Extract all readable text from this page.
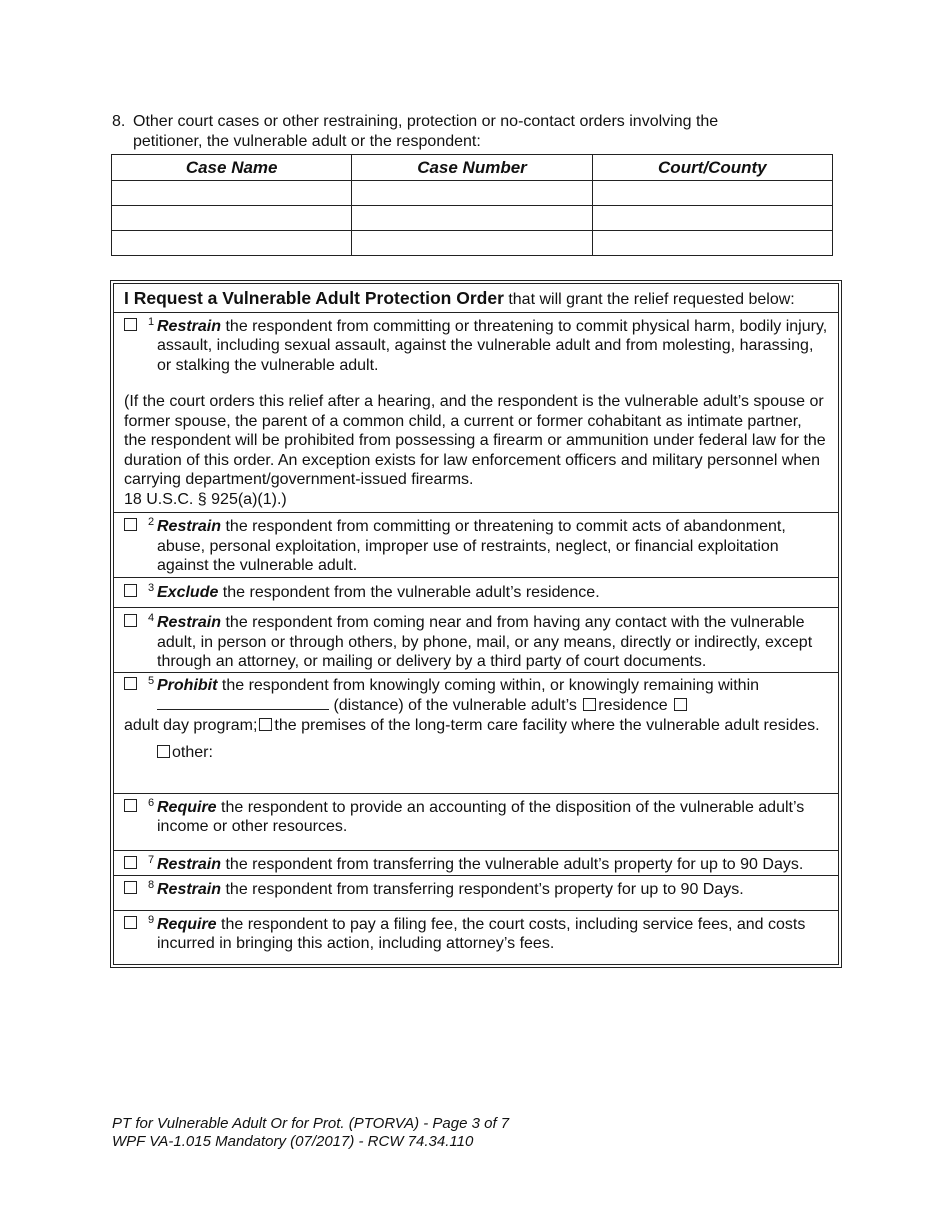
8. Other court cases or other restraining, protection or no-contact orders involving the
petitioner, the vulnerable adult or the respondent:
Case Name	Case Number	Court/County

I Request a Vulnerable Adult Protection Order that will grant the relief requested below:
1 Restrain the respondent from committing or threatening to commit physical harm, bodily injury, assault, including sexual assault, against the vulnerable adult and from molesting, harassing, or stalking the vulnerable adult.
(If the court orders this relief after a hearing, and the respondent is the vulnerable adult’s spouse or former spouse, the parent of a common child, a current or former cohabitant as intimate partner, the respondent will be prohibited from possessing a firearm or ammunition under federal law for the duration of this order. An exception exists for law enforcement officers and military personnel when carrying department/government-issued firearms.
18 U.S.C. § 925(a)(1).)
2 Restrain the respondent from committing or threatening to commit acts of abandonment, abuse, personal exploitation, improper use of restraints, neglect, or financial exploitation against the vulnerable adult.
3 Exclude the respondent from the vulnerable adult’s residence.
4 Restrain the respondent from coming near and from having any contact with the vulnerable adult, in person or through others, by phone, mail, or any means, directly or indirectly, except through an attorney, or mailing or delivery by a third party of court documents.
5 Prohibit the respondent from knowingly coming within, or knowingly remaining within
(distance) of the vulnerable adult’s residence
adult day program; the premises of the long-term care facility where the vulnerable adult resides.
other:
6 Require the respondent to provide an accounting of the disposition of the vulnerable adult’s income or other resources.
7 Restrain the respondent from transferring the vulnerable adult’s property for up to 90 Days.
8 Restrain the respondent from transferring respondent’s property for up to 90 Days.
9 Require the respondent to pay a filing fee, the court costs, including service fees, and costs incurred in bringing this action, including attorney’s fees.
PT for Vulnerable Adult Or for Prot. (PTORVA) - Page 3 of 7
WPF VA-1.015 Mandatory (07/2017) - RCW 74.34.110
